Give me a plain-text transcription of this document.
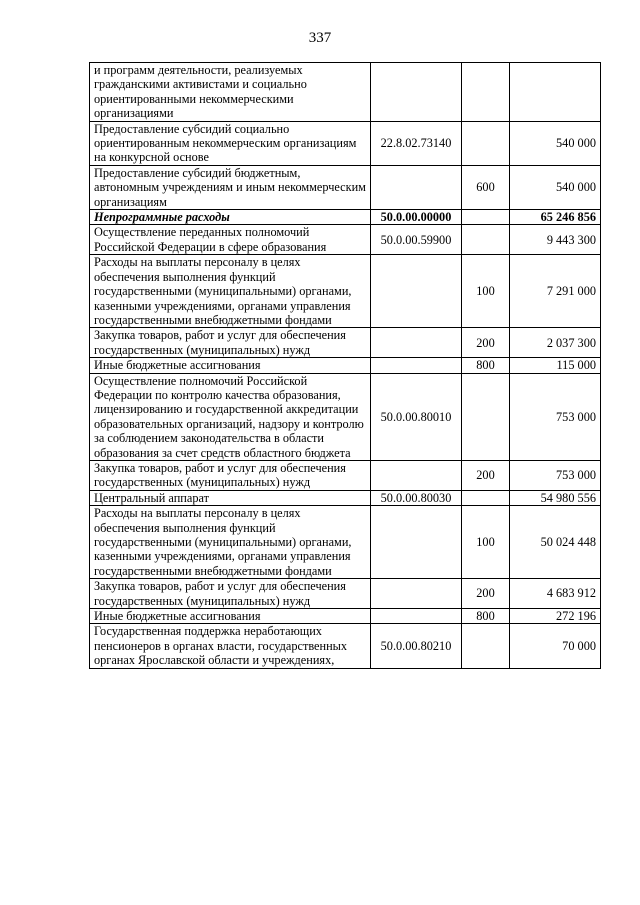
337
и программ деятельности, реализуемых гражданскими активистами и социально ориентированными некоммерческими организациями			
Предоставление субсидий социально ориентированным некоммерческим организациям на конкурсной основе	22.8.02.73140		540 000
Предоставление субсидий бюджетным, автономным учреждениям и иным некоммерческим организациям		600	540 000
Непрограммные расходы	50.0.00.00000		65 246 856
Осуществление переданных полномочий Российской Федерации в сфере образования	50.0.00.59900		9 443 300
Расходы на выплаты персоналу в целях обеспечения выполнения функций государственными (муниципальными) органами, казенными учреждениями, органами управления государственными внебюджетными фондами		100	7 291 000
Закупка товаров, работ и услуг для обеспечения государственных (муниципальных) нужд		200	2 037 300
Иные бюджетные ассигнования		800	115 000
Осуществление полномочий Российской Федерации по контролю качества образования, лицензированию и государственной аккредитации образовательных организаций, надзору и контролю за соблюдением законодательства в области образования за счет средств областного бюджета	50.0.00.80010		753 000
Закупка товаров, работ и услуг для обеспечения государственных (муниципальных) нужд		200	753 000
Центральный аппарат	50.0.00.80030		54 980 556
Расходы на выплаты персоналу в целях обеспечения выполнения функций государственными (муниципальными) органами, казенными учреждениями, органами управления государственными внебюджетными фондами		100	50 024 448
Закупка товаров, работ и услуг для обеспечения государственных (муниципальных) нужд		200	4 683 912
Иные бюджетные ассигнования		800	272 196
Государственная поддержка неработающих пенсионеров в органах власти, государственных органах Ярославской области и учреждениях,	50.0.00.80210		70 000
